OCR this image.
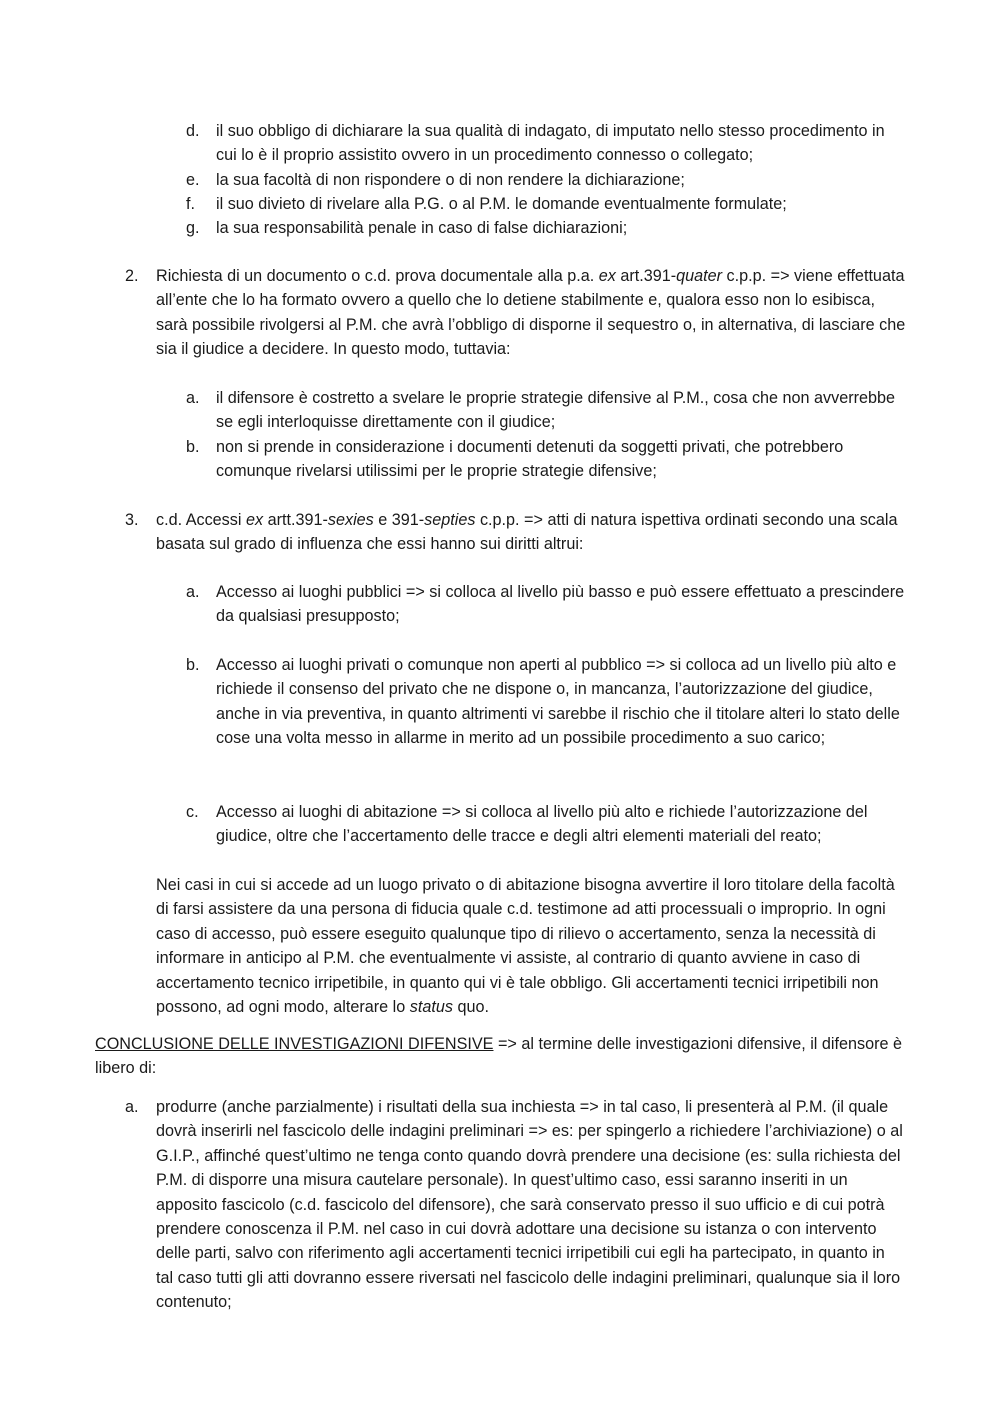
d. il suo obbligo di dichiarare la sua qualità di indagato, di imputato nello stesso procedimento in cui lo è il proprio assistito ovvero in un procedimento connesso o collegato;
e. la sua facoltà di non rispondere o di non rendere la dichiarazione;
f. il suo divieto di rivelare alla P.G. o al P.M. le domande eventualmente formulate;
g. la sua responsabilità penale in caso di false dichiarazioni;
2. Richiesta di un documento o c.d. prova documentale alla p.a. ex art.391-quater c.p.p. => viene effettuata all’ente che lo ha formato ovvero a quello che lo detiene stabilmente e, qualora esso non lo esibisca, sarà possibile rivolgersi al P.M. che avrà l’obbligo di disporne il sequestro o, in alternativa, di lasciare che sia il giudice a decidere. In questo modo, tuttavia:
a. il difensore è costretto a svelare le proprie strategie difensive al P.M., cosa che non avverrebbe se egli interloquisse direttamente con il giudice;
b. non si prende in considerazione i documenti detenuti da soggetti privati, che potrebbero comunque rivelarsi utilissimi per le proprie strategie difensive;
3. c.d. Accessi ex artt.391-sexies e 391-septies c.p.p. => atti di natura ispettiva ordinati secondo una scala basata sul grado di influenza che essi hanno sui diritti altrui:
a. Accesso ai luoghi pubblici => si colloca al livello più basso e può essere effettuato a prescindere da qualsiasi presupposto;
b. Accesso ai luoghi privati o comunque non aperti al pubblico => si colloca ad un livello più alto e richiede il consenso del privato che ne dispone o, in mancanza, l’autorizzazione del giudice, anche in via preventiva, in quanto altrimenti vi sarebbe il rischio che il titolare alteri lo stato delle cose una volta messo in allarme in merito ad un possibile procedimento a suo carico;
c. Accesso ai luoghi di abitazione => si colloca al livello più alto e richiede l’autorizzazione del giudice, oltre che l’accertamento delle tracce e degli altri elementi materiali del reato;
Nei casi in cui si accede ad un luogo privato o di abitazione bisogna avvertire il loro titolare della facoltà di farsi assistere da una persona di fiducia quale c.d. testimone ad atti processuali o improprio. In ogni caso di accesso, può essere eseguito qualunque tipo di rilievo o accertamento, senza la necessità di informare in anticipo al P.M. che eventualmente vi assiste, al contrario di quanto avviene in caso di accertamento tecnico irripetibile, in quanto qui vi è tale obbligo. Gli accertamenti tecnici irripetibili non possono, ad ogni modo, alterare lo status quo.
CONCLUSIONE DELLE INVESTIGAZIONI DIFENSIVE => al termine delle investigazioni difensive, il difensore è libero di:
a. produrre (anche parzialmente) i risultati della sua inchiesta => in tal caso, li presenterà al P.M. (il quale dovrà inserirli nel fascicolo delle indagini preliminari => es: per spingerlo a richiedere l’archiviazione) o al G.I.P., affinché quest’ultimo ne tenga conto quando dovrà prendere una decisione (es: sulla richiesta del P.M. di disporre una misura cautelare personale). In quest’ultimo caso, essi saranno inseriti in un apposito fascicolo (c.d. fascicolo del difensore), che sarà conservato presso il suo ufficio e di cui potrà prendere conoscenza il P.M. nel caso in cui dovrà adottare una decisione su istanza o con intervento delle parti, salvo con riferimento agli accertamenti tecnici irripetibili cui egli ha partecipato, in quanto in tal caso tutti gli atti dovranno essere riversati nel fascicolo delle indagini preliminari, qualunque sia il loro contenuto;
